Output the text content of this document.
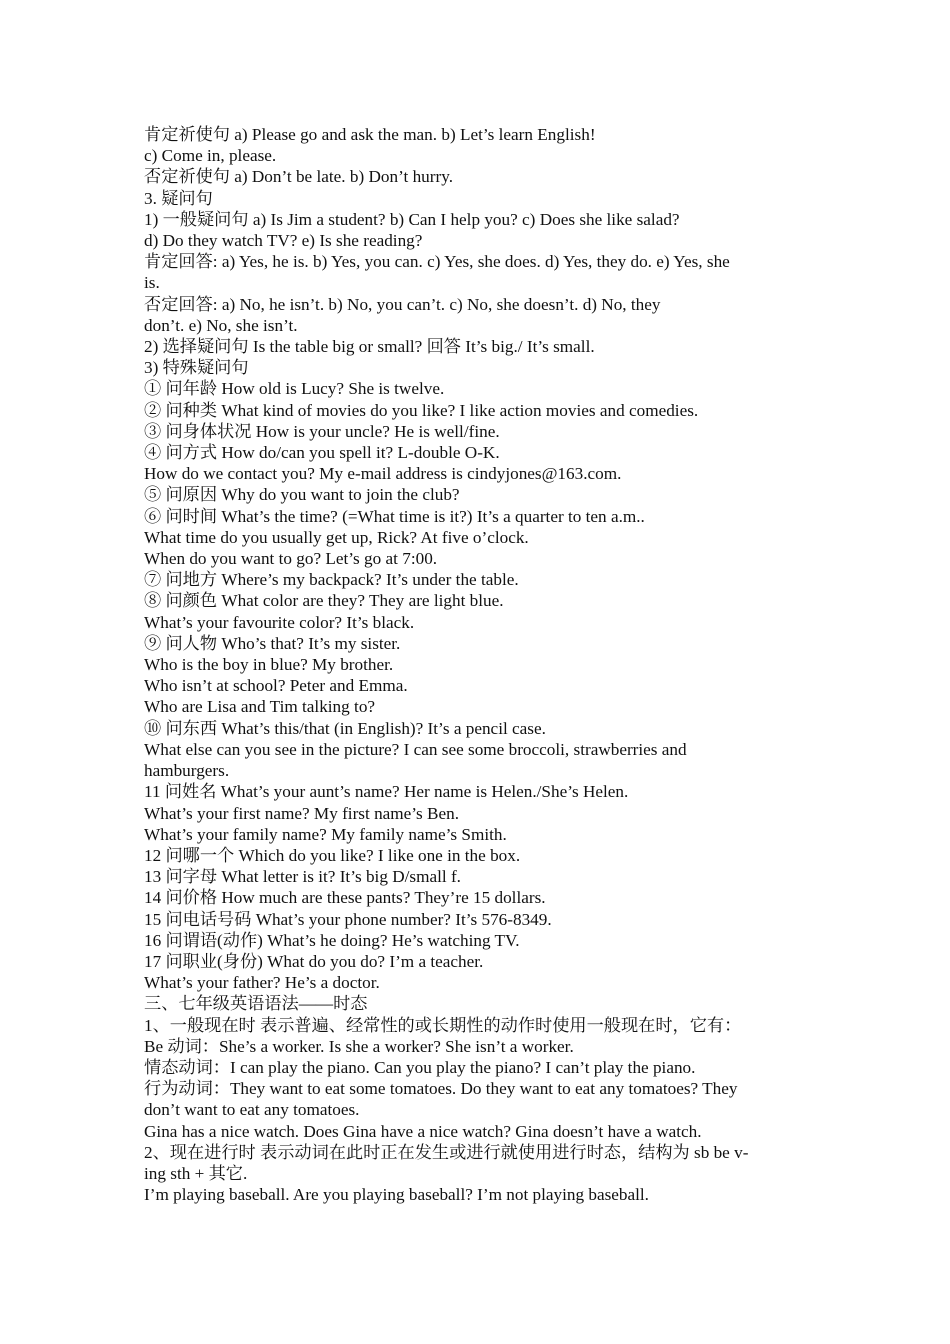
肯定祈使句 a) Please go and ask the man. b) Let’s learn English!
c) Come in, please.
否定祈使句 a) Don’t be late. b) Don’t hurry.
3. 疑问句
1) 一般疑问句 a) Is Jim a student? b) Can I help you? c) Does she like salad?
d) Do they watch TV? e) Is she reading?
肯定回答: a) Yes, he is. b) Yes, you can. c) Yes, she does. d) Yes, they do. e) Yes, she
is.
否定回答: a) No, he isn’t. b) No, you can’t. c) No, she doesn’t. d) No, they
don’t. e) No, she isn’t.
2) 选择疑问句 Is the table big or small? 回答 It’s big./ It’s small.
3) 特殊疑问句
① 问年龄 How old is Lucy? She is twelve.
② 问种类 What kind of movies do you like? I like action movies and comedies.
③ 问身体状况 How is your uncle? He is well/fine.
④ 问方式 How do/can you spell it? L-double O-K.
How do we contact you? My e-mail address is cindyjones@163.com.
⑤ 问原因 Why do you want to join the club?
⑥ 问时间 What’s the time? (=What time is it?) It’s a quarter to ten a.m..
What time do you usually get up, Rick? At five o’clock.
When do you want to go? Let’s go at 7:00.
⑦ 问地方 Where’s my backpack? It’s under the table.
⑧ 问颜色 What color are they? They are light blue.
What’s your favourite color? It’s black.
⑨ 问人物 Who’s that? It’s my sister.
Who is the boy in blue? My brother.
Who isn’t at school? Peter and Emma.
Who are Lisa and Tim talking to?
⑩ 问东西 What’s this/that (in English)? It’s a pencil case.
What else can you see in the picture? I can see some broccoli, strawberries and
hamburgers.
11 问姓名 What’s your aunt’s name? Her name is Helen./She’s Helen.
What’s your first name? My first name’s Ben.
What’s your family name? My family name’s Smith.
12 问哪一个 Which do you like? I like one in the box.
13 问字母 What letter is it? It’s big D/small f.
14 问价格 How much are these pants? They’re 15 dollars.
15 问电话号码 What’s your phone number? It’s 576-8349.
16 问谓语(动作) What’s he doing? He’s watching TV.
17 问职业(身份) What do you do? I’m a teacher.
What’s your father? He’s a doctor.
三、七年级英语语法——时态
1、一般现在时 表示普遍、经常性的或长期性的动作时使用一般现在时，它有：
Be 动词：She’s a worker. Is she a worker? She isn’t a worker.
情态动词：I can play the piano. Can you play the piano? I can’t play the piano.
行为动词：They want to eat some tomatoes. Do they want to eat any tomatoes? They
don’t want to eat any tomatoes.
Gina has a nice watch. Does Gina have a nice watch? Gina doesn’t have a watch.
2、现在进行时 表示动词在此时正在发生或进行就使用进行时态，结构为 sb be v-
ing sth + 其它.
I’m playing baseball. Are you playing baseball? I’m not playing baseball.
